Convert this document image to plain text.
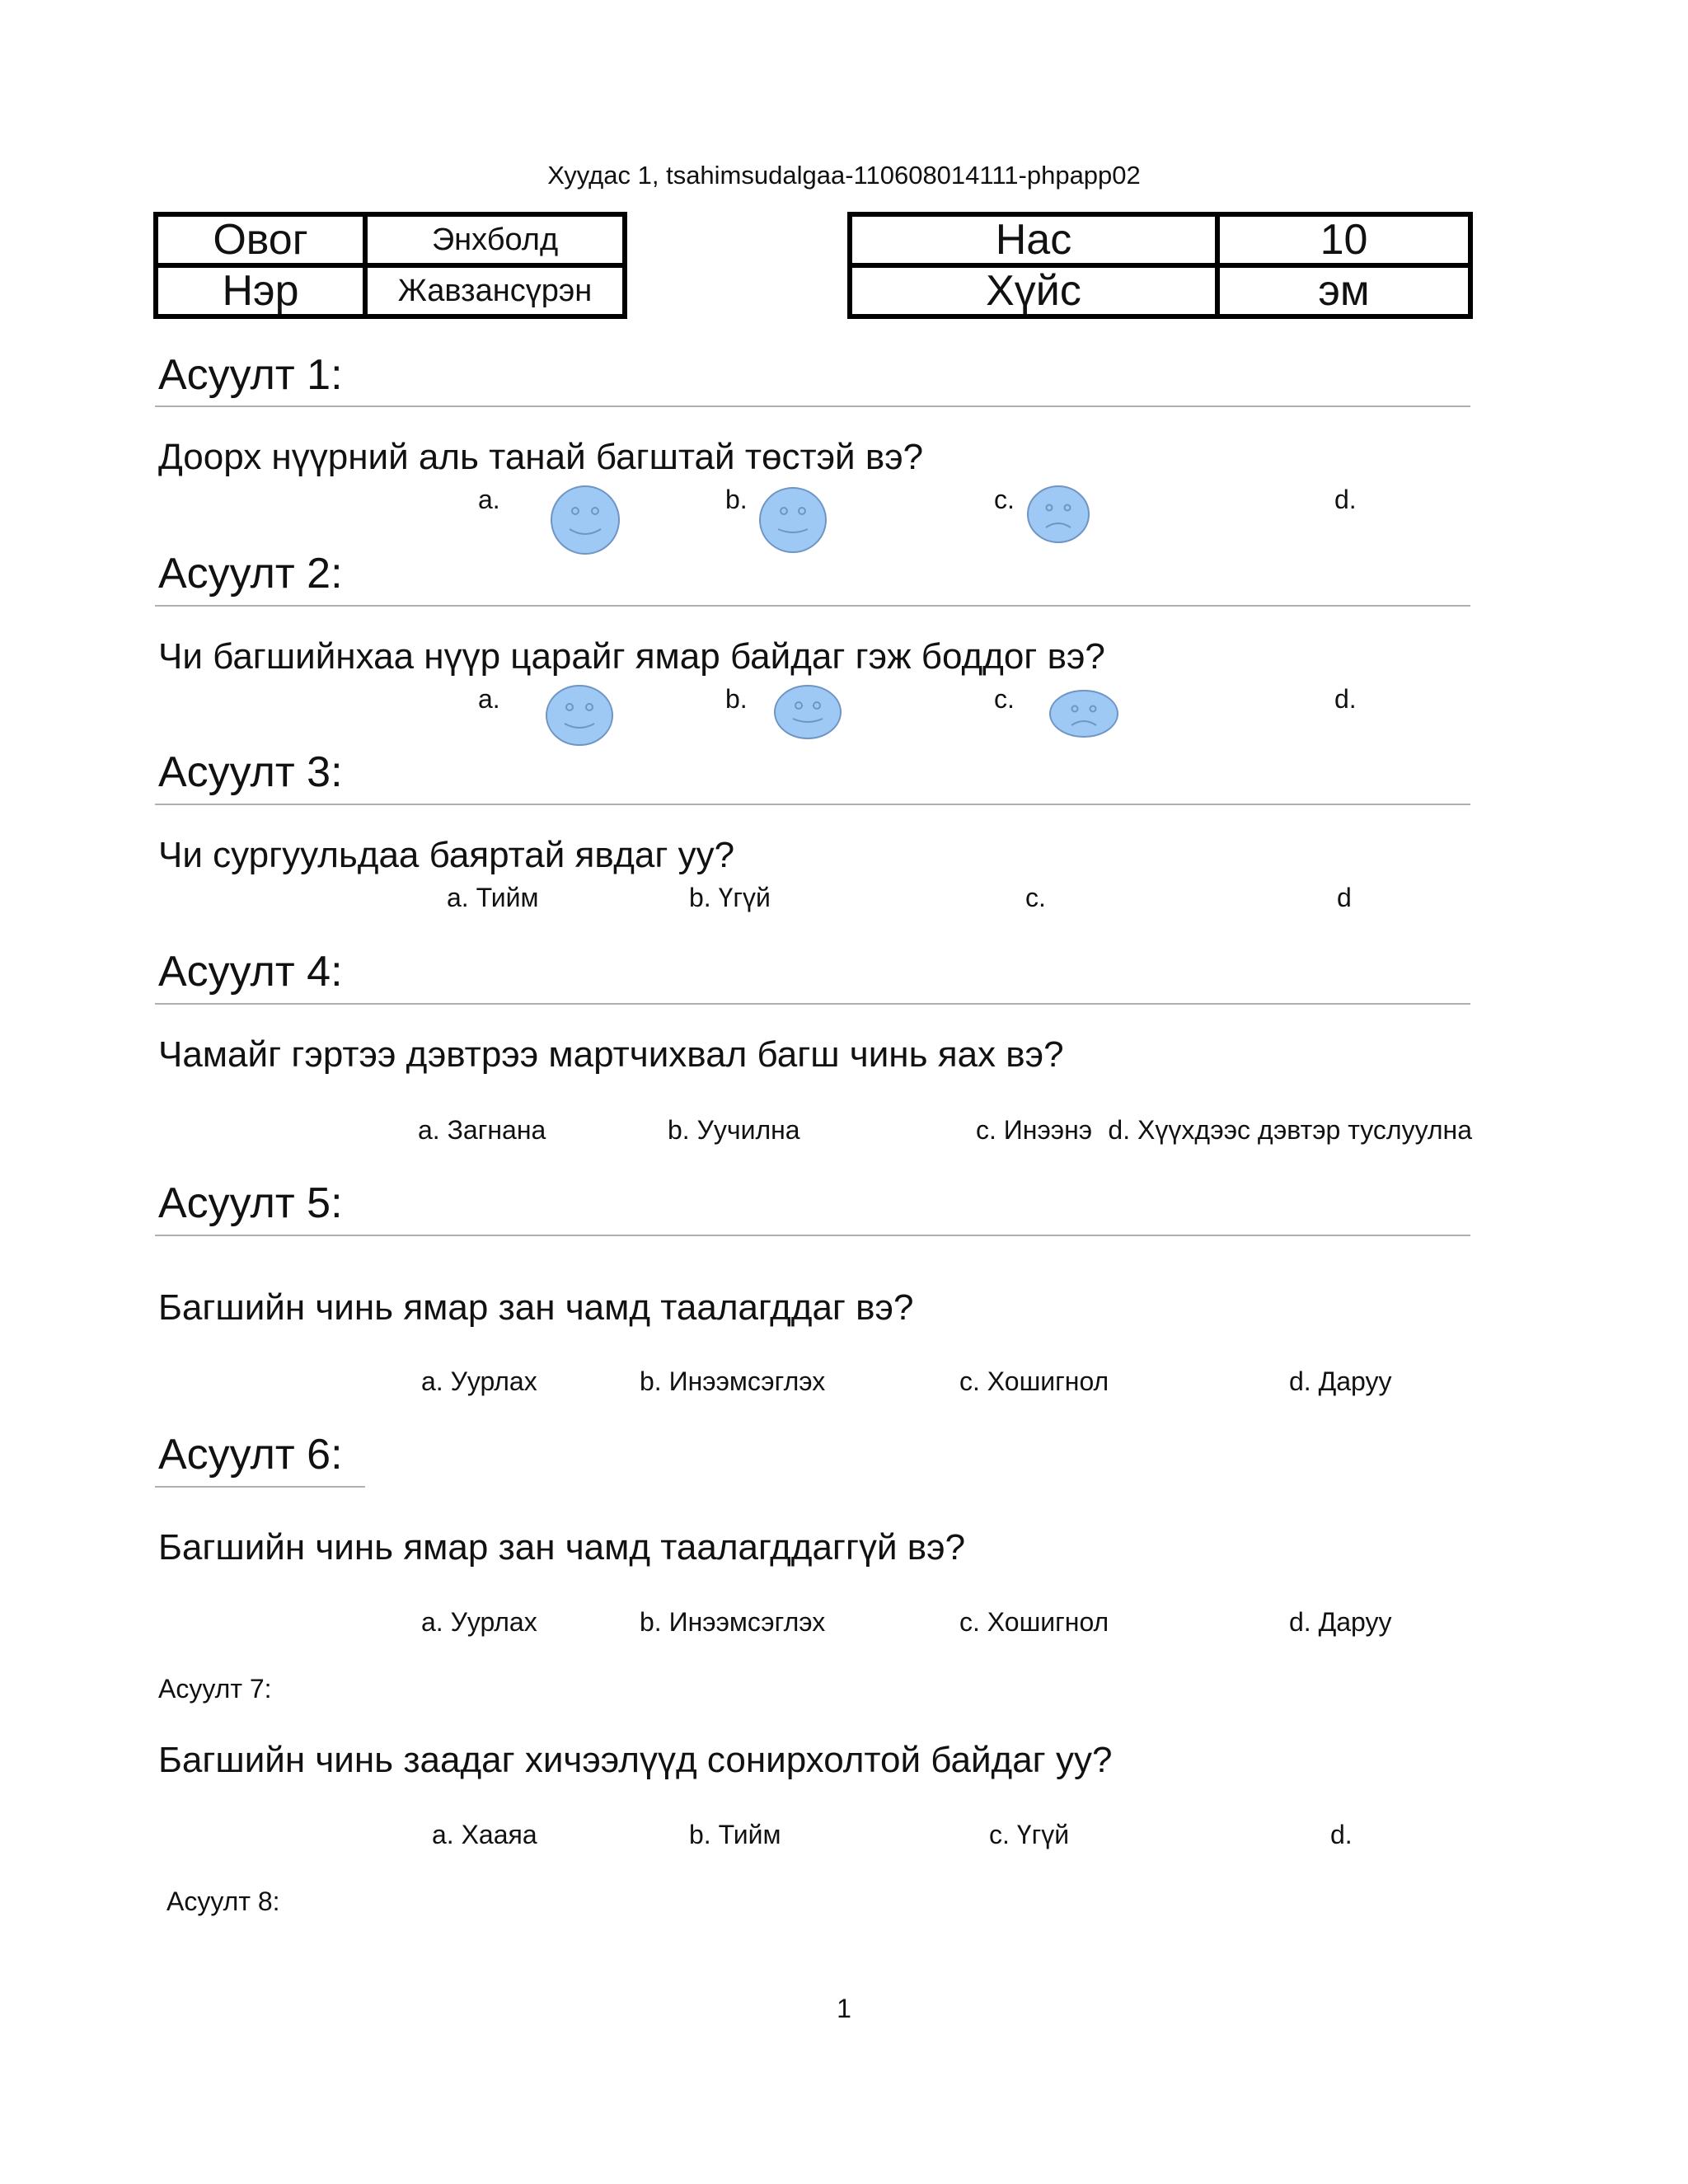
Хуудас 1, tsahimsudalgaa-110608014111-phpapp02
Овог	Энхболд
Нэр	Жавзансүрэн
Нас	10
Хүйс	эм
Асуулт 1:
Доорх нүүрний аль танай багштай төстэй вэ?
a.	b.	c.	d.
Асуулт 2:
Чи багшийнхаа нүүр царайг ямар байдаг гэж боддог вэ?
a.	b.	c.	d.
Асуулт 3:
Чи сургуульдаа баяртай явдаг уу?
a. Тийм	b. Үгүй	c.	d
Асуулт 4:
Чамайг гэртээ дэвтрээ мартчихвал багш чинь яах вэ?
a. Загнана	b. Уучилна	c. Инээнэ d. Хүүхдээс дэвтэр туслуулна
Асуулт 5:
Багшийн чинь ямар зан чамд таалагддаг вэ?
a. Уурлах	b. Инээмсэглэх	c. Хошигнол	d. Даруу
Асуулт 6:
Багшийн чинь ямар зан чамд таалагддаггүй вэ?
a. Уурлах	b. Инээмсэглэх	c. Хошигнол	d. Даруу
Асуулт 7:
Багшийн чинь заадаг хичээлүүд сонирхолтой байдаг уу?
a. Хааяа	b. Тийм	c. Үгүй	d.
Асуулт 8:
1
